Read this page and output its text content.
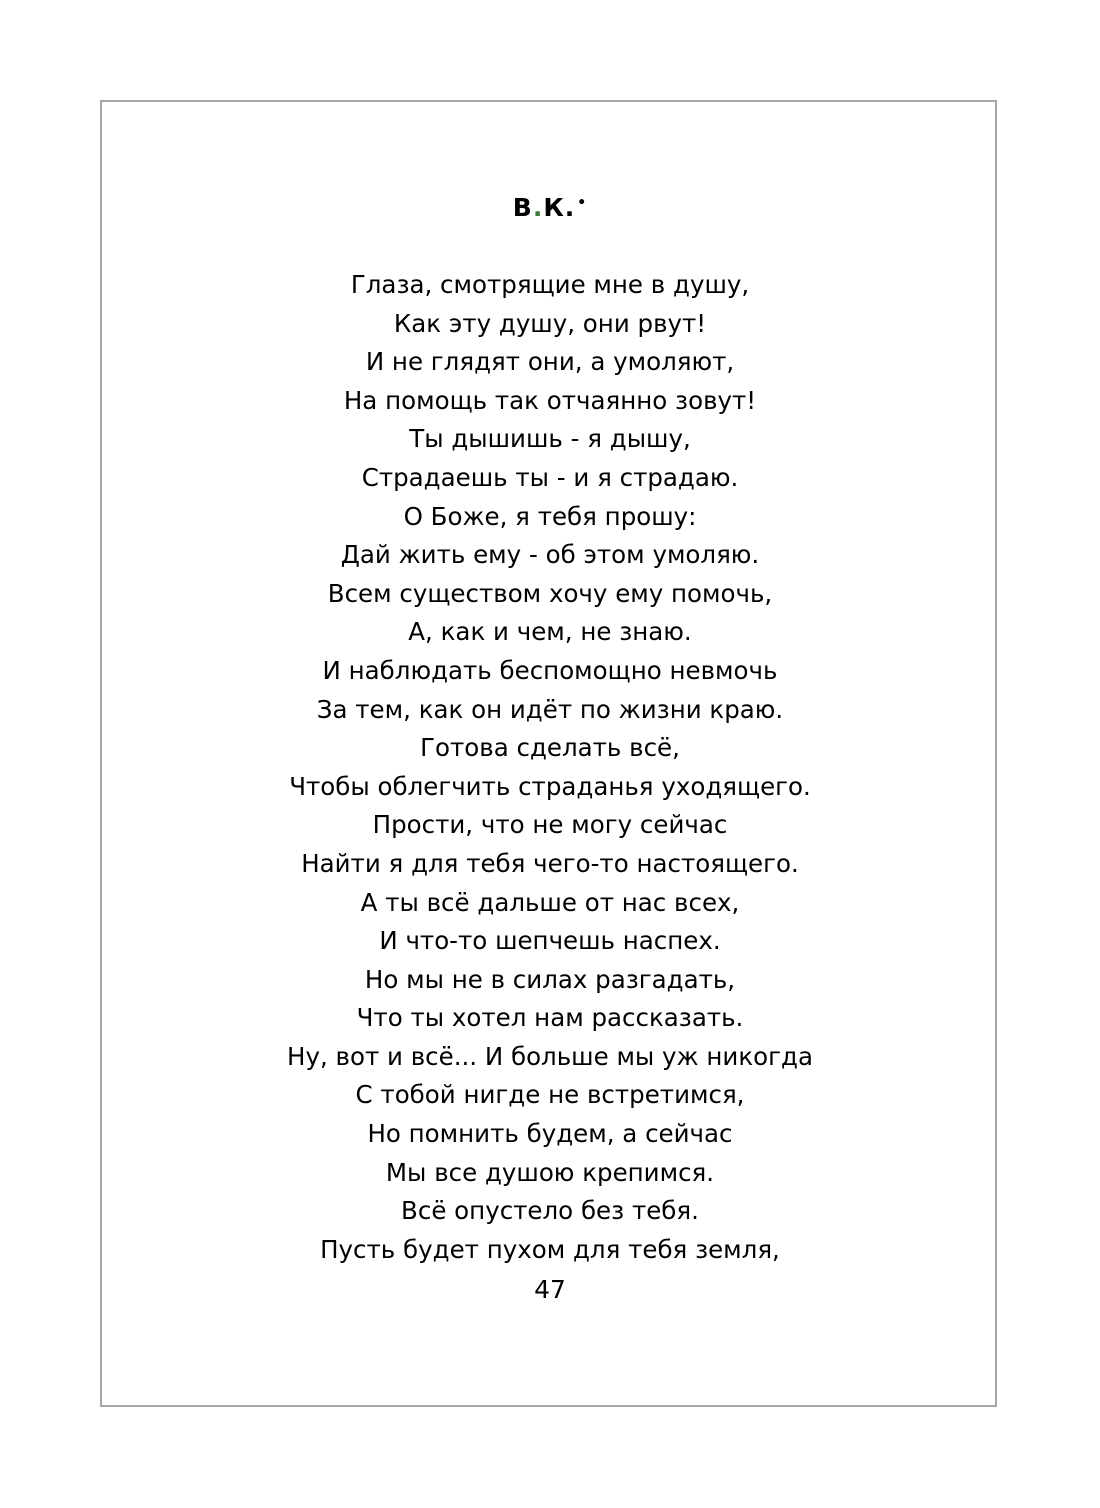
В.К. •
Глаза, смотрящие мне в душу,
Как эту душу, они рвут!
И не глядят они, а умоляют,
На помощь так отчаянно зовут!
Ты дышишь - я дышу,
Страдаешь ты - и я страдаю.
О Боже, я тебя прошу:
Дай жить ему - об этом умоляю.
Всем существом хочу ему помочь,
А, как и чем, не знаю.
И наблюдать беспомощно невмочь
За тем, как он идёт по жизни краю.
Готова сделать всё,
Чтобы облегчить страданья уходящего.
Прости, что не могу сейчас
Найти я для тебя чего-то настоящего.
А ты всё дальше от нас всех,
И что-то шепчешь наспех.
Но мы не в силах разгадать,
Что ты хотел нам рассказать.
Ну, вот и всё... И больше мы уж никогда
С тобой нигде не встретимся,
Но помнить будем, а сейчас
Мы все душою крепимся.
Всё опустело без тебя.
Пусть будет пухом для тебя земля,
47
